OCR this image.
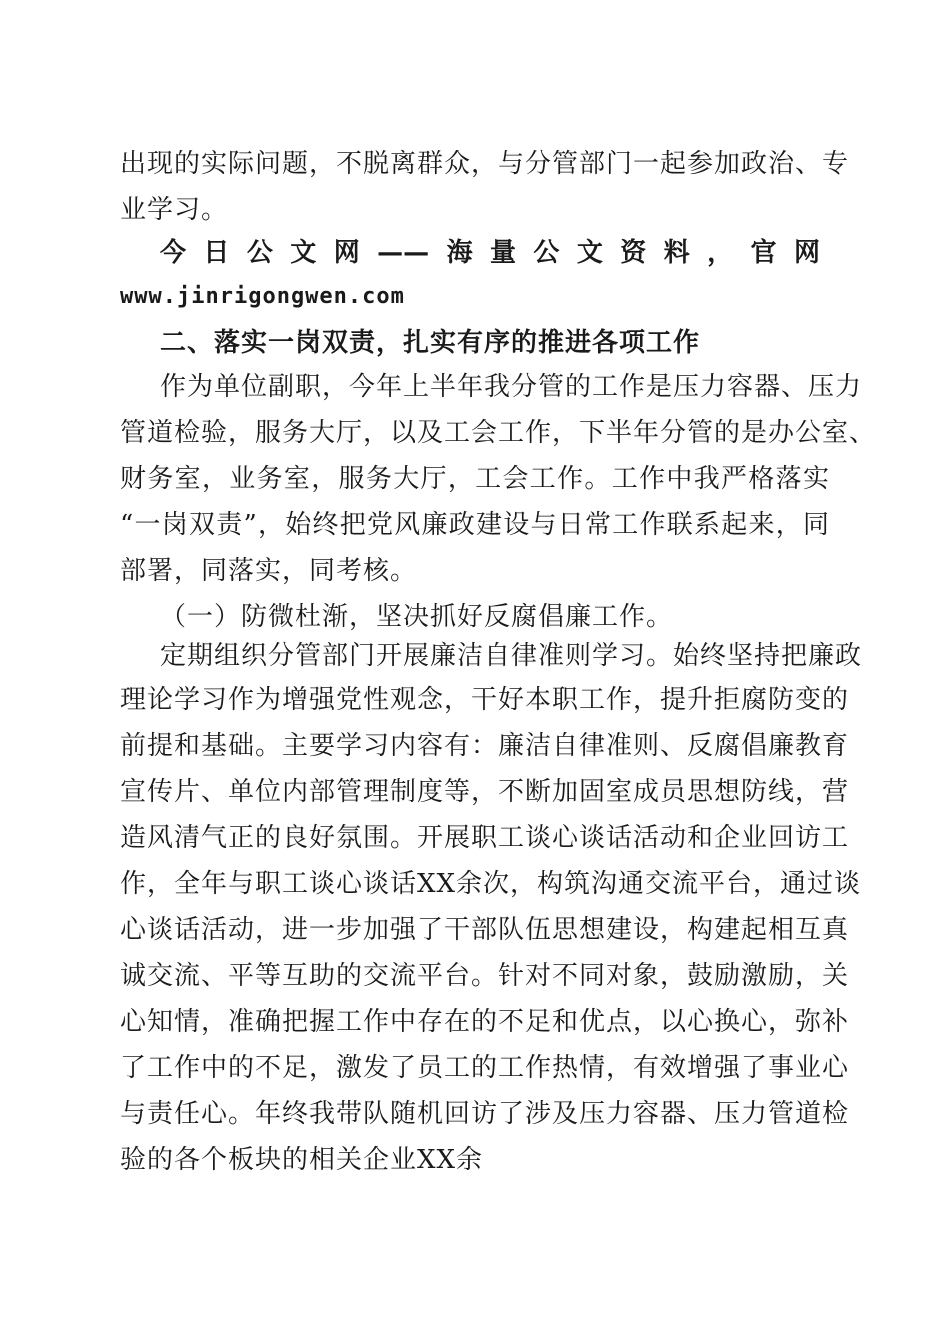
出现的实际问题，不脱离群众，与分管部门一起参加政治、专
业学习。
今日公文网——海量公文资料，官网
www.jinrigongwen.com
二、落实一岗双责，扎实有序的推进各项工作
作为单位副职，今年上半年我分管的工作是压力容器、压力
管道检验，服务大厅，以及工会工作，下半年分管的是办公室、
财务室，业务室，服务大厅，工会工作。工作中我严格落实
“一岗双责”，始终把党风廉政建设与日常工作联系起来，同
部署，同落实，同考核。
（一）防微杜渐，坚决抓好反腐倡廉工作。
定期组织分管部门开展廉洁自律准则学习。始终坚持把廉政
理论学习作为增强党性观念，干好本职工作，提升拒腐防变的
前提和基础。主要学习内容有：廉洁自律准则、反腐倡廉教育
宣传片、单位内部管理制度等，不断加固室成员思想防线，营
造风清气正的良好氛围。开展职工谈心谈话活动和企业回访工
作，全年与职工谈心谈话XX余次，构筑沟通交流平台，通过谈
心谈话活动，进一步加强了干部队伍思想建设，构建起相互真
诚交流、平等互助的交流平台。针对不同对象，鼓励激励，关
心知情，准确把握工作中存在的不足和优点，以心换心，弥补
了工作中的不足，激发了员工的工作热情，有效增强了事业心
与责任心。年终我带队随机回访了涉及压力容器、压力管道检
验的各个板块的相关企业XX余
